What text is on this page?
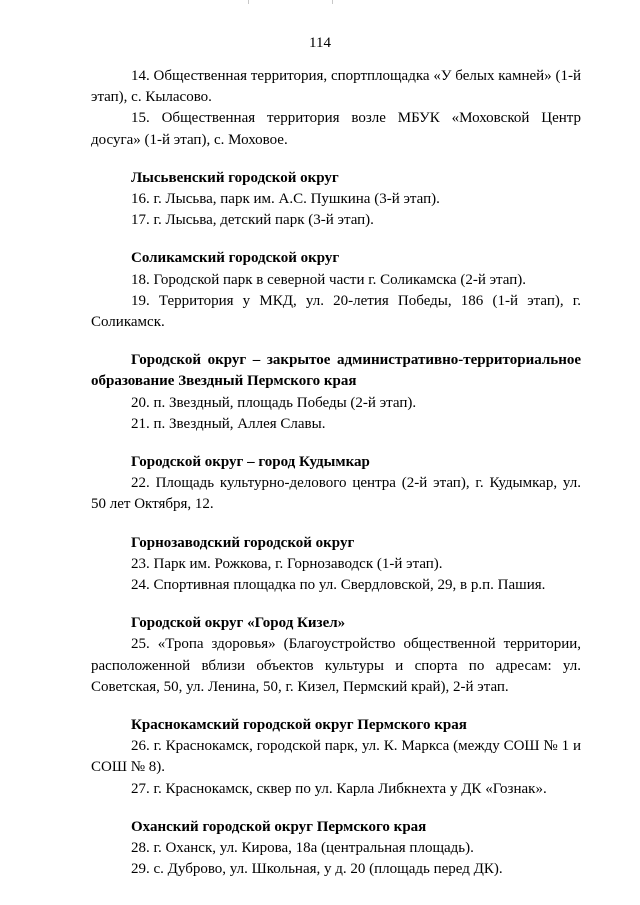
114

14. Общественная территория, спортплощадка «У белых камней» (1-й этап), с. Кыласово.

15. Общественная территория возле МБУК «Моховской Центр досуга» (1-й этап), с. Моховое.

Лысьвенский городской округ

16. г. Лысьва, парк им. А.С. Пушкина (3-й этап).

17. г. Лысьва, детский парк (3-й этап).

Соликамский городской округ

18. Городской парк в северной части г. Соликамска (2-й этап).

19. Территория у МКД, ул. 20-летия Победы, 186 (1-й этап), г. Соликамск.

Городской округ – закрытое административно-территориальное образование Звездный Пермского края

20. п. Звездный, площадь Победы (2-й этап).

21. п. Звездный, Аллея Славы.

Городской округ – город Кудымкар

22. Площадь культурно-делового центра (2-й этап), г. Кудымкар, ул. 50 лет Октября, 12.

Горнозаводский городской округ

23. Парк им. Рожкова, г. Горнозаводск (1-й этап).

24. Спортивная площадка по ул. Свердловской, 29, в р.п. Пашия.

Городской округ «Город Кизел»

25. «Тропа здоровья» (Благоустройство общественной территории, расположенной вблизи объектов культуры и спорта по адресам: ул. Советская, 50, ул. Ленина, 50, г. Кизел, Пермский край), 2-й этап.

Краснокамский городской округ Пермского края

26. г. Краснокамск, городской парк, ул. К. Маркса (между СОШ № 1 и СОШ № 8).

27. г. Краснокамск, сквер по ул. Карла Либкнехта у ДК «Гознак».

Оханский городской округ Пермского края

28. г. Оханск, ул. Кирова, 18а (центральная площадь).

29. с. Дуброво, ул. Школьная, у д. 20 (площадь перед ДК).
